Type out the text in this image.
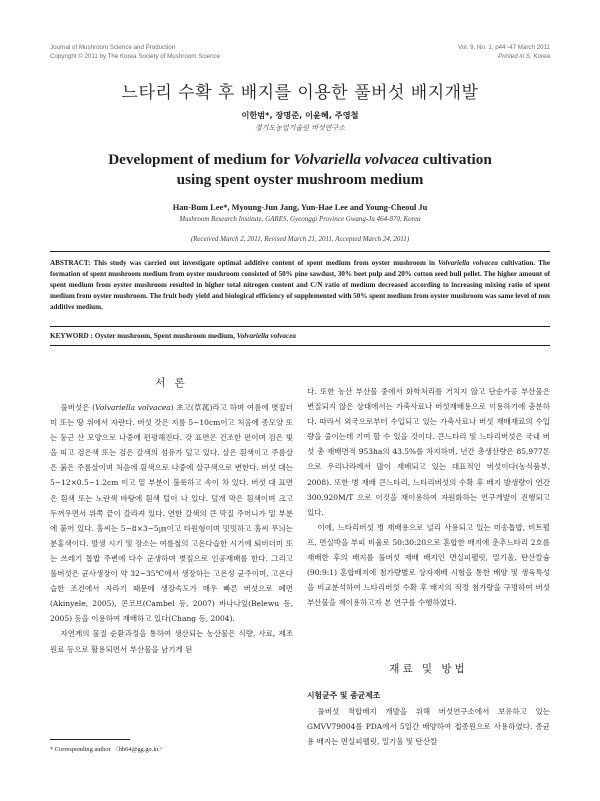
Journal of Mushroom Science and Production
Copyright © 2011 by The Korea Society of Mushroom Science
Vol. 9, No. 1, p44~47 March 2011
Printed in S. Korea
느타리 수확 후 배지를 이용한 풀버섯 배지개발
이한범*, 장명준, 이윤혜, 주영철
경기도농업기술원 버섯연구소
Development of medium for Volvariella volvacea cultivation
using spent oyster mushroom medium
Han-Bum Lee*, Myoung-Jun Jang, Yun-Hae Lee and Young-Cheoul Ju
Mushroom Research Institute, GARES, Gyeonggi Province Gwang-Ju 464-870, Korea
(Received March 2, 2011, Revised March 21, 2011, Accepted March 24, 2011)
ABSTRACT: This study was carried out investigate optimal additive content of spent medium from oyster mushroom in Volvariella volvacea cultivation. The formation of spent mushroom medium from oyster mushroom consisted of 50% pine sawdust, 30% beet pulp and 20% cotton seed hull pellet. The higher amount of spent medium from oyster mushroom resulted in higher total nitrogen content and C/N ratio of medium decreased according to increasing mixing ratio of spent medium from oyster mushroom. The fruit body yield and biological efficiency of supplemented with 50% spent medium from oyster mushroom was same level of non additive medium.
KEYWORD : Oyster mushroom, Spent mushroom medium, Volvariella volvacea
서 론

풀버섯은 (Volvariella volvacea) 초고(草菰)라고 하며 여름에 볏짚더미 또는 땅 위에서 자란다. 버섯 갓은 지름 5~10cm이고 처음에 종모양 또는 둥근 산 모양으로 나중에 편평해진다. 갓 표면은 건조한 편이며 검은 빛을 띠고 검은색 또는 검은 갈색의 섬유가 덮고 있다. 살은 흰색이고 주름살은 붉은 주름살이며 처음에 흰색으로 나중에 살구색으로 변한다. 버섯 대는 5~12×0.5~1.2cm 이고 밑 부분이 불룩하고 속이 차 있다. 버섯 대 표면은 흰색 또는 노란색 바탕에 흰색 털이 나 있다. 덮개 막은 흰색이며 크고 두꺼우면서 위쪽 끝이 갈라져 있다. 연한 갈색의 큰 막질 주머니가 밑 부분에 붙어 있다. 홀씨는 5~8×3~5㎛이고 타원형이며 밋밋하고 홀씨 무늬는 분홍색이다. 발생 시기 및 장소는 여름철의 고온다습한 시기에 퇴비더미 또는 쓰레기 톱밥 주변에 다수 군생하며 볏짚으로 인공재배를 한다. 그리고 풀버섯은 균사생장이 약 32~35℃에서 생장하는 고온성 균주이며, 고온다습한 조건에서 자라기 때문에 생장속도가 매우 빠른 버섯으로 폐면(Akinyele, 2005), 콘코브(Cambel 등, 2007) 바나나잎(Belewu 등, 2005) 등을 이용하여 재배하고 있다(Chang 등, 2004).

자연계의 물질 순환과정을 통하여 생산되는 농산물은 식량, 사료, 제조원료 등으로 활용되면서 부산물을 남기게 된

* Corresponding author 〈hb64@gg.go.kr〉

다. 또한 농산 부산물 중에서 화학처리를 거치지 않고 단순가공 부산물은 변질되지 않은 상태에서는 가축사료나 버섯재배용으로 이용하기에 충분하다. 따라서 외국으로부터 수입되고 있는 가축사료나 버섯 재배재료의 수입량을 줄이는데 기여 할 수 있을 것이다. 큰느타리 및 느타리버섯은 국내 버섯 총 재배면적 953ha의 43.5%를 차지하며, 년간 총생산량은 85,977톤으로 우리나라에서 많이 재배되고 있는 대표적인 버섯이다(농식품부, 2008). 또한 병 재배 큰느타리, 느타리버섯의 수확 후 배지 발생량이 연간 300,920M/T 으로 이것을 재이용하여 자원화하는 연구개발이 진행되고 있다.

이에, 느타리버섯 병 재배용으로 널리 사용되고 있는 미송톱밥, 비트펄프, 면실박을 부피 비율로 50:30:20으로 혼합한 배지에 춘추느타리 2호를 재배한 후의 배지를 풀버섯 재배 배지인 면실피펠릿, 밀기울, 탄산칼슘(90:9:1) 혼합배지에 첨가량별로 상자재배 시험을 통한 배양 및 생육특성을 비교분석하여 느타리버섯 수확 후 배지의 적정 첨가량을 구명하여 버섯 부산물을 재이용하고자 본 연구를 수행하였다.

재료 및 방법
시험균주 및 종균제조

풀버섯 적합배지 개발을 위해 버섯연구소에서 보유하고 있는 GMVV79004를 PDA에서 5일간 배양하여 접종원으로 사용하였다. 종균용 배지는 면실피펠릿, 밀기울 및 탄산칼
